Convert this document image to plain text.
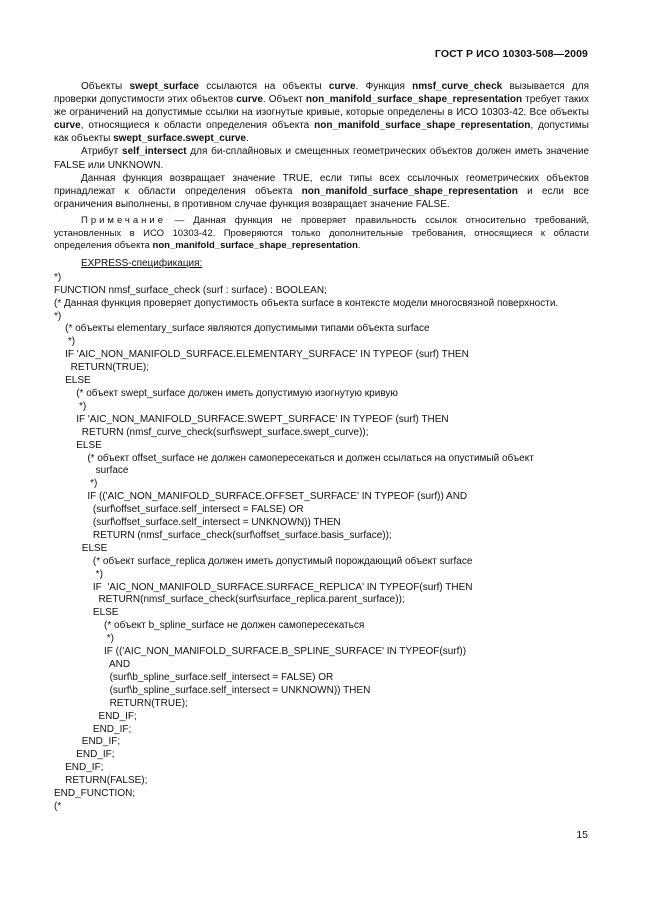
ГОСТ Р ИСО 10303-508—2009

Объекты swept_surface ссылаются на объекты curve. Функция nmsf_curve_check вызывается для проверки допустимости этих объектов curve. Объект non_manifold_surface_shape_representation требует таких же ограничений на допустимые ссылки на изогнутые кривые, которые определены в ИСО 10303-42. Все объекты curve, относящиеся к области определения объекта non_manifold_surface_shape_representation, допустимы как объекты swept_surface.swept_curve.

Атрибут self_intersect для би-сплайновых и смещенных геометрических объектов должен иметь значение FALSE или UNKNOWN.

Данная функция возвращает значение TRUE, если типы всех ссылочных геометрических объектов принадлежат к области определения объекта non_manifold_surface_shape_representation и если все ограничения выполнены, в противном случае функция возвращает значение FALSE.

Примечание — Данная функция не проверяет правильность ссылок относительно требований, установленных в ИСО 10303-42. Проверяются только дополнительные требования, относящиеся к области определения объекта non_manifold_surface_shape_representation.

EXPRESS-спецификация:

*)
FUNCTION nmsf_surface_check (surf : surface) : BOOLEAN;
(* Данная функция проверяет допустимость объекта surface в контексте модели многосвязной поверхности.
*)
(* объекты elementary_surface являются допустимыми типами объекта surface
*)
IF 'AIC_NON_MANIFOLD_SURFACE.ELEMENTARY_SURFACE' IN TYPEOF (surf) THEN
RETURN(TRUE);
ELSE
(* объект swept_surface должен иметь допустимую изогнутую кривую
*)
IF 'AIC_NON_MANIFOLD_SURFACE.SWEPT_SURFACE' IN TYPEOF (surf) THEN
RETURN (nmsf_curve_check(surf\swept_surface.swept_curve));
ELSE
(* объект offset_surface не должен самопересекаться и должен ссылаться на опустимый объект
surface
*)
IF (('AIC_NON_MANIFOLD_SURFACE.OFFSET_SURFACE' IN TYPEOF (surf)) AND
(surf\offset_surface.self_intersect = FALSE) OR
(surf\offset_surface.self_intersect = UNKNOWN)) THEN
RETURN (nmsf_surface_check(surf\offset_surface.basis_surface));
ELSE
(* объект surface_replica должен иметь допустимый порождающий объект surface
*)
IF  'AIC_NON_MANIFOLD_SURFACE.SURFACE_REPLICA' IN TYPEOF(surf) THEN
RETURN(nmsf_surface_check(surf\surface_replica.parent_surface));
ELSE
(* объект b_spline_surface не должен самопересекаться
*)
IF (('AIC_NON_MANIFOLD_SURFACE.B_SPLINE_SURFACE' IN TYPEOF(surf))
AND
(surf\b_spline_surface.self_intersect = FALSE) OR
(surf\b_spline_surface.self_intersect = UNKNOWN)) THEN
RETURN(TRUE);
END_IF;
END_IF;
END_IF;
END_IF;
END_IF;
RETURN(FALSE);
END_FUNCTION;
(*
15
